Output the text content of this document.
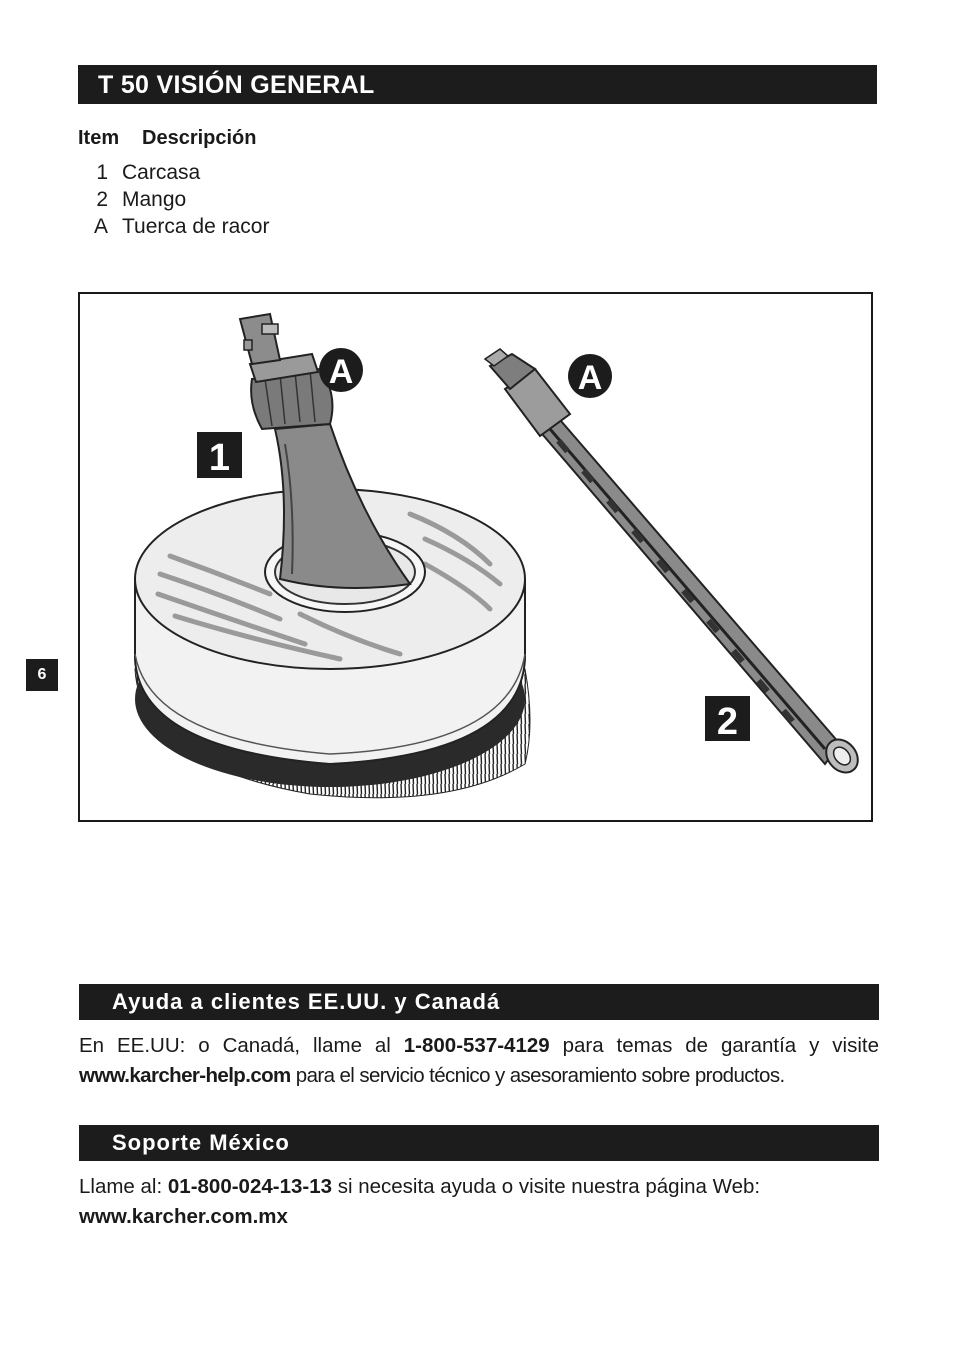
T 50 VISIÓN GENERAL
Item Descripción
1 Carcasa
2 Mango
A Tuerca de racor
1
2
A	A
6
Ayuda a clientes EE.UU. y Canadá
En EE.UU: o Canadá, llame al 1-800-537-4129 para temas de garantía y visite
www.karcher-help.com para el servicio técnico y asesoramiento sobre productos.
Soporte México
Llame al: 01-800-024-13-13 si necesita ayuda o visite nuestra página Web:
www.karcher.com.mx
